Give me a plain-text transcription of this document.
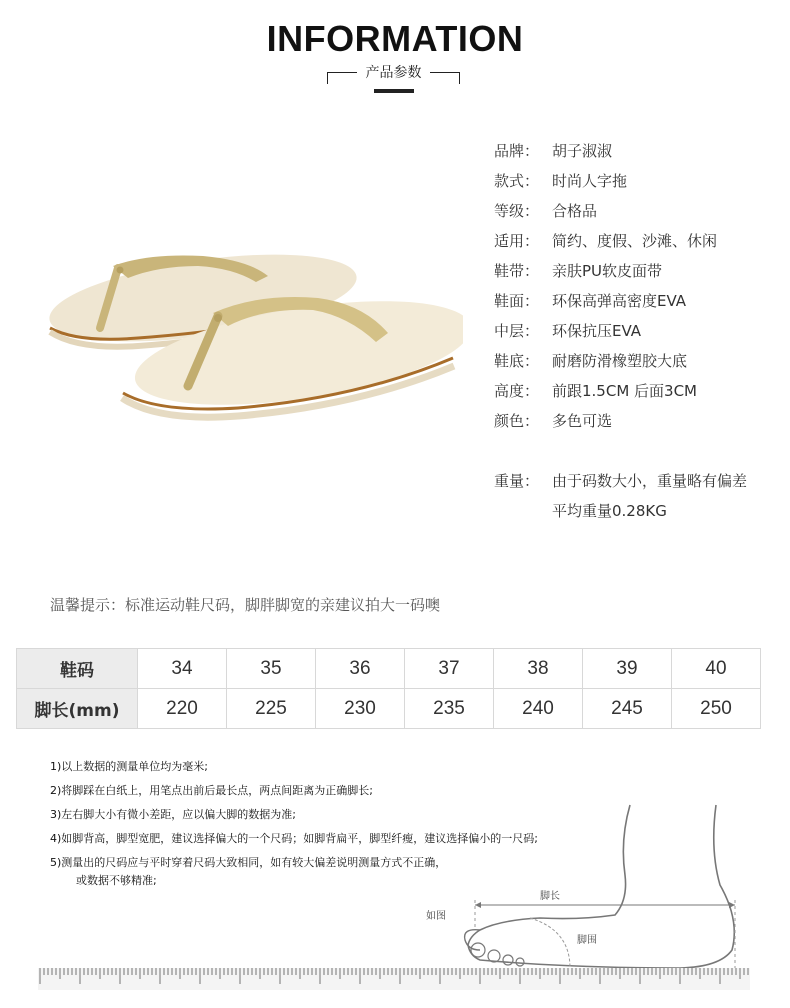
INFORMATION
产品参数
品牌： 胡子淑淑
款式： 时尚人字拖
等级： 合格品
适用： 简约、度假、沙滩、休闲
鞋带： 亲肤PU软皮面带
鞋面： 环保高弹高密度EVA
中层： 环保抗压EVA
鞋底： 耐磨防滑橡塑胶大底
高度： 前跟1.5CM 后面3CM
颜色： 多色可选
重量： 由于码数大小，重量略有偏差
平均重量0.28KG
温馨提示：标准运动鞋尺码，脚胖脚宽的亲建议拍大一码噢
鞋码	34	35	36	37	38	39	40
脚长(mm)	220	225	230	235	240	245	250
1)以上数据的测量单位均为毫米;
2)将脚踩在白纸上，用笔点出前后最长点，两点间距离为正确脚长;
3)左右脚大小有微小差距，应以偏大脚的数据为准;
4)如脚背高，脚型宽肥，建议选择偏大的一个尺码；如脚背扁平，脚型纤瘦，建议选择偏小的一尺码;
5)测量出的尺码应与平时穿着尺码大致相同，如有较大偏差说明测量方式不正确，
或数据不够精准;
脚长
如图
脚围
